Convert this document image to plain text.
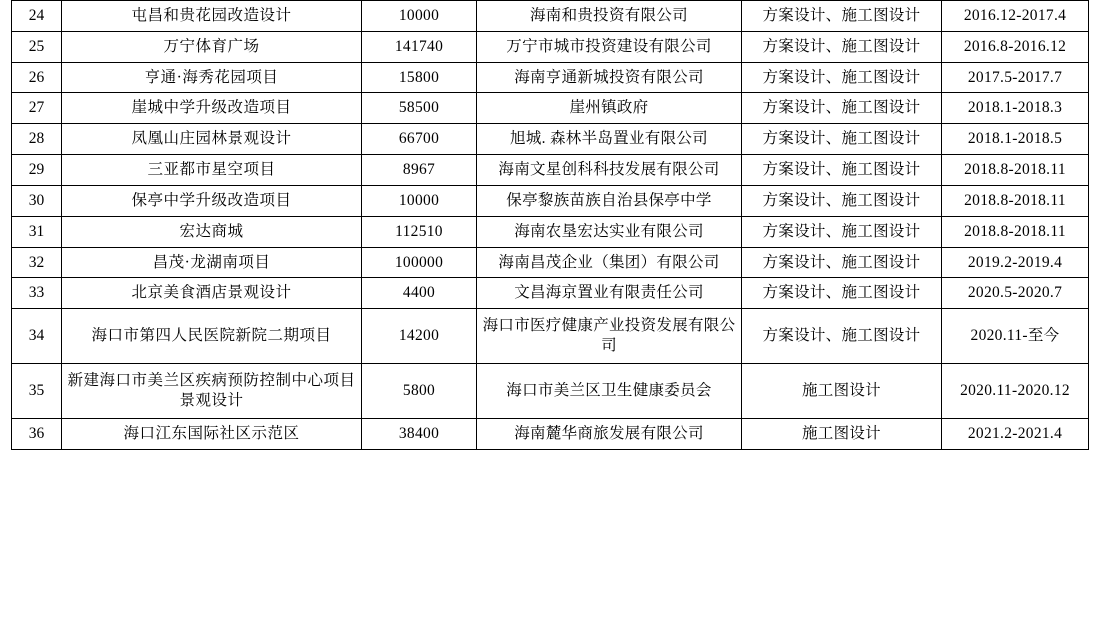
24	屯昌和贵花园改造设计	10000	海南和贵投资有限公司	方案设计、施工图设计	2016.12-2017.4
25	万宁体育广场	141740	万宁市城市投资建设有限公司	方案设计、施工图设计	2016.8-2016.12
26	亨通·海秀花园项目	15800	海南亨通新城投资有限公司	方案设计、施工图设计	2017.5-2017.7
27	崖城中学升级改造项目	58500	崖州镇政府	方案设计、施工图设计	2018.1-2018.3
28	凤凰山庄园林景观设计	66700	旭城. 森林半岛置业有限公司	方案设计、施工图设计	2018.1-2018.5
29	三亚都市星空项目	8967	海南文星创科科技发展有限公司	方案设计、施工图设计	2018.8-2018.11
30	保亭中学升级改造项目	10000	保亭黎族苗族自治县保亭中学	方案设计、施工图设计	2018.8-2018.11
31	宏达商城	112510	海南农垦宏达实业有限公司	方案设计、施工图设计	2018.8-2018.11
32	昌茂·龙湖南项目	100000	海南昌茂企业（集团）有限公司	方案设计、施工图设计	2019.2-2019.4
33	北京美食酒店景观设计	4400	文昌海京置业有限责任公司	方案设计、施工图设计	2020.5-2020.7
34	海口市第四人民医院新院二期项目	14200	海口市医疗健康产业投资发展有限公司	方案设计、施工图设计	2020.11-至今
35	新建海口市美兰区疾病预防控制中心项目景观设计	5800	海口市美兰区卫生健康委员会	施工图设计	2020.11-2020.12
36	海口江东国际社区示范区	38400	海南麓华商旅发展有限公司	施工图设计	2021.2-2021.4
